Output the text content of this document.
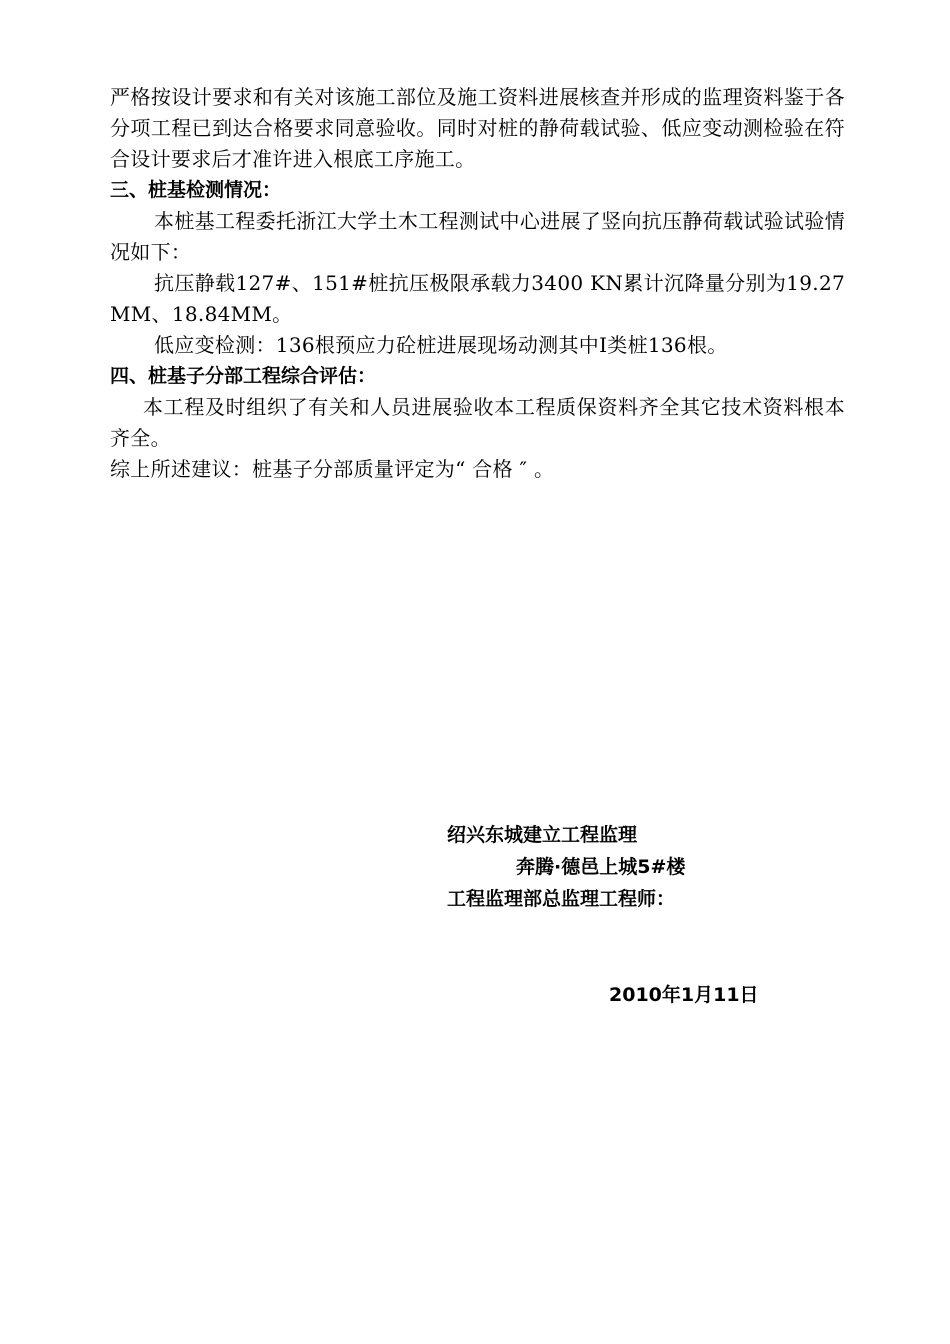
严格按设计要求和有关对该施工部位及施工资料进展核查并形成的监理资料鉴于各分项工程已到达合格要求同意验收。同时对桩的静荷载试验、低应变动测检验在符合设计要求后才准许进入根底工序施工。

三、桩基检测情况：

本桩基工程委托浙江大学土木工程测试中心进展了竖向抗压静荷载试验试验情况如下：

抗压静载127#、151#桩抗压极限承载力3400 KN累计沉降量分别为19.27MM、18.84MM。

低应变检测：136根预应力砼桩进展现场动测其中Ⅰ类桩136根。

四、桩基子分部工程综合评估：

本工程及时组织了有关和人员进展验收本工程质保资料齐全其它技术资料根本齐全。

综上所述建议：桩基子分部质量评定为“ 合格 ″ 。

绍兴东城建立工程监理
奔腾·德邑上城5#楼
工程监理部总监理工程师：
2010年1月11日
